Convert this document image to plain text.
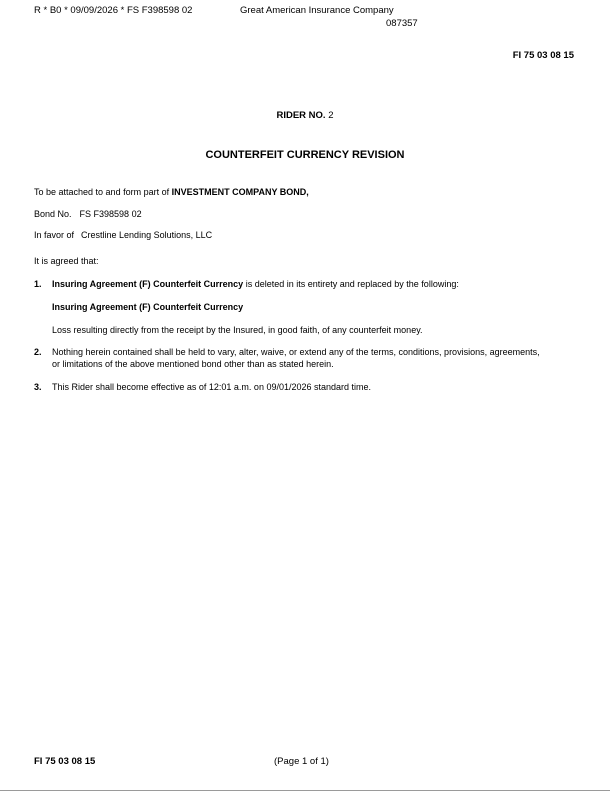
R * B0 * 09/09/2026 * FS F398598 02	Great American Insurance Company
087357
FI 75 03 08 15
RIDER NO. 2
COUNTERFEIT CURRENCY REVISION
To be attached to and form part of INVESTMENT COMPANY BOND,
Bond No. FS F398598 02
In favor of Crestline Lending Solutions, LLC
It is agreed that:
1. Insuring Agreement (F) Counterfeit Currency is deleted in its entirety and replaced by the following:
Insuring Agreement (F) Counterfeit Currency
Loss resulting directly from the receipt by the Insured, in good faith, of any counterfeit money.
2. Nothing herein contained shall be held to vary, alter, waive, or extend any of the terms, conditions, provisions, agreements, or limitations of the above mentioned bond other than as stated herein.
3. This Rider shall become effective as of 12:01 a.m. on 09/01/2026 standard time.
FI 75 03 08 15	(Page 1 of 1)
